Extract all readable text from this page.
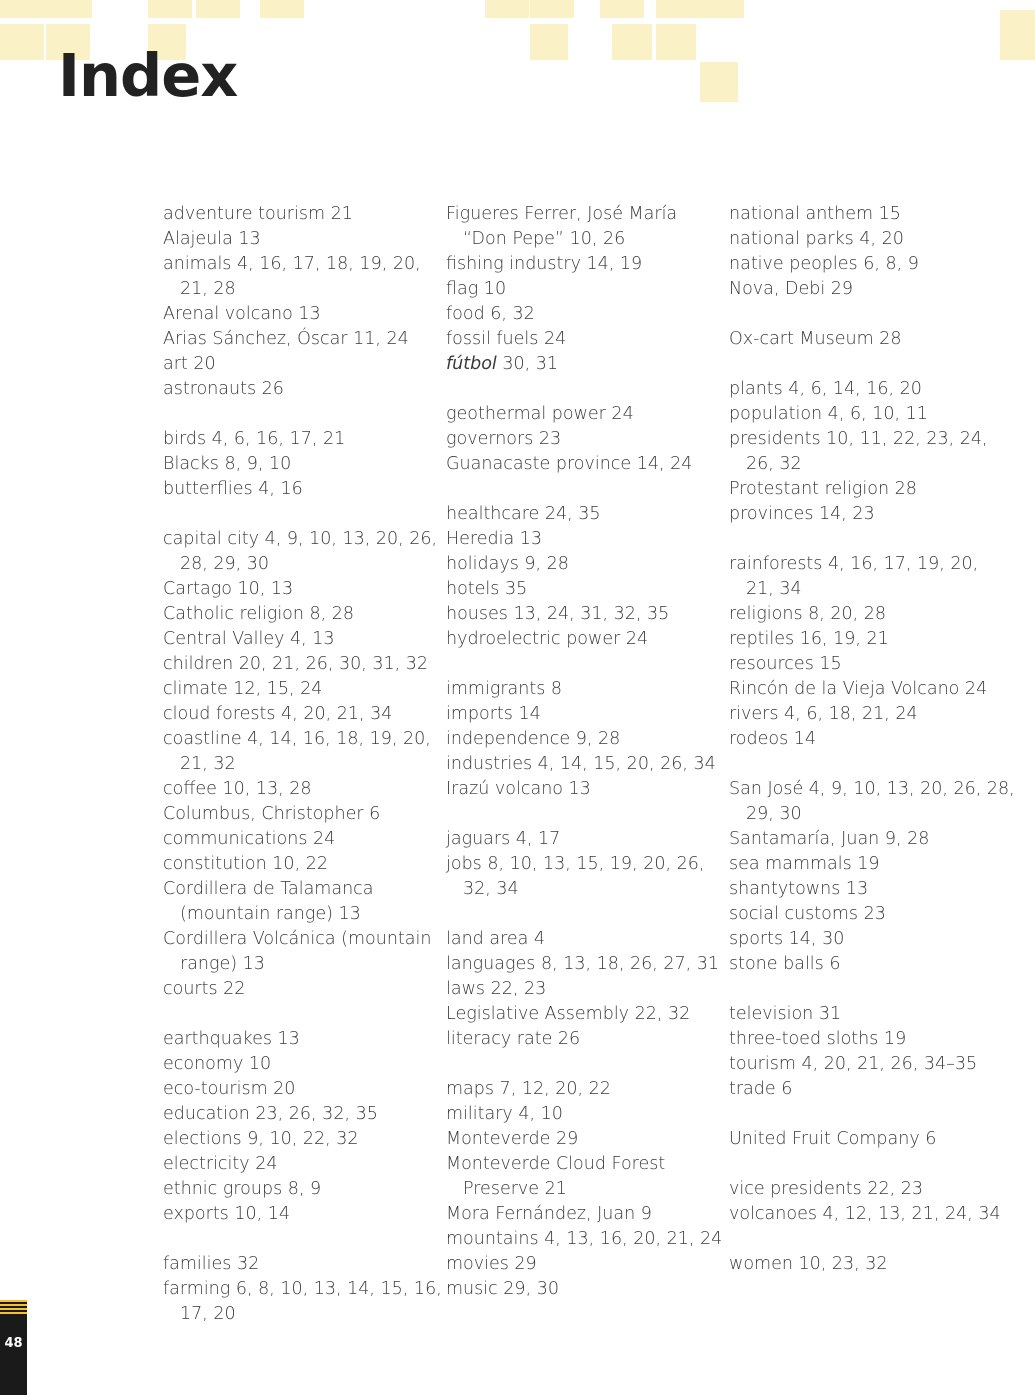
Index
adventure tourism 21
Alajeula 13
animals 4, 16, 17, 18, 19, 20,
21, 28
Arenal volcano 13
Arias Sánchez, Óscar 11, 24
art 20
astronauts 26
birds 4, 6, 16, 17, 21
Blacks 8, 9, 10
butterflies 4, 16
capital city 4, 9, 10, 13, 20, 26,
28, 29, 30
Cartago 10, 13
Catholic religion 8, 28
Central Valley 4, 13
children 20, 21, 26, 30, 31, 32
climate 12, 15, 24
cloud forests 4, 20, 21, 34
coastline 4, 14, 16, 18, 19, 20,
21, 32
coffee 10, 13, 28
Columbus, Christopher 6
communications 24
constitution 10, 22
Cordillera de Talamanca
(mountain range) 13
Cordillera Volcánica (mountain
range) 13
courts 22
earthquakes 13
economy 10
eco-tourism 20
education 23, 26, 32, 35
elections 9, 10, 22, 32
electricity 24
ethnic groups 8, 9
exports 10, 14
families 32
farming 6, 8, 10, 13, 14, 15, 16,
17, 20
Figueres Ferrer, José María
“Don Pepe” 10, 26
fishing industry 14, 19
flag 10
food 6, 32
fossil fuels 24
fútbol 30, 31
geothermal power 24
governors 23
Guanacaste province 14, 24
healthcare 24, 35
Heredia 13
holidays 9, 28
hotels 35
houses 13, 24, 31, 32, 35
hydroelectric power 24
immigrants 8
imports 14
independence 9, 28
industries 4, 14, 15, 20, 26, 34
Irazú volcano 13
jaguars 4, 17
jobs 8, 10, 13, 15, 19, 20, 26,
32, 34
land area 4
languages 8, 13, 18, 26, 27, 31
laws 22, 23
Legislative Assembly 22, 32
literacy rate 26
maps 7, 12, 20, 22
military 4, 10
Monteverde 29
Monteverde Cloud Forest
Preserve 21
Mora Fernández, Juan 9
mountains 4, 13, 16, 20, 21, 24
movies 29
music 29, 30
national anthem 15
national parks 4, 20
native peoples 6, 8, 9
Nova, Debi 29
Ox-cart Museum 28
plants 4, 6, 14, 16, 20
population 4, 6, 10, 11
presidents 10, 11, 22, 23, 24,
26, 32
Protestant religion 28
provinces 14, 23
rainforests 4, 16, 17, 19, 20,
21, 34
religions 8, 20, 28
reptiles 16, 19, 21
resources 15
Rincón de la Vieja Volcano 24
rivers 4, 6, 18, 21, 24
rodeos 14
San José 4, 9, 10, 13, 20, 26, 28,
29, 30
Santamaría, Juan 9, 28
sea mammals 19
shantytowns 13
social customs 23
sports 14, 30
stone balls 6
television 31
three-toed sloths 19
tourism 4, 20, 21, 26, 34–35
trade 6
United Fruit Company 6
vice presidents 22, 23
volcanoes 4, 12, 13, 21, 24, 34
women 10, 23, 32
48
